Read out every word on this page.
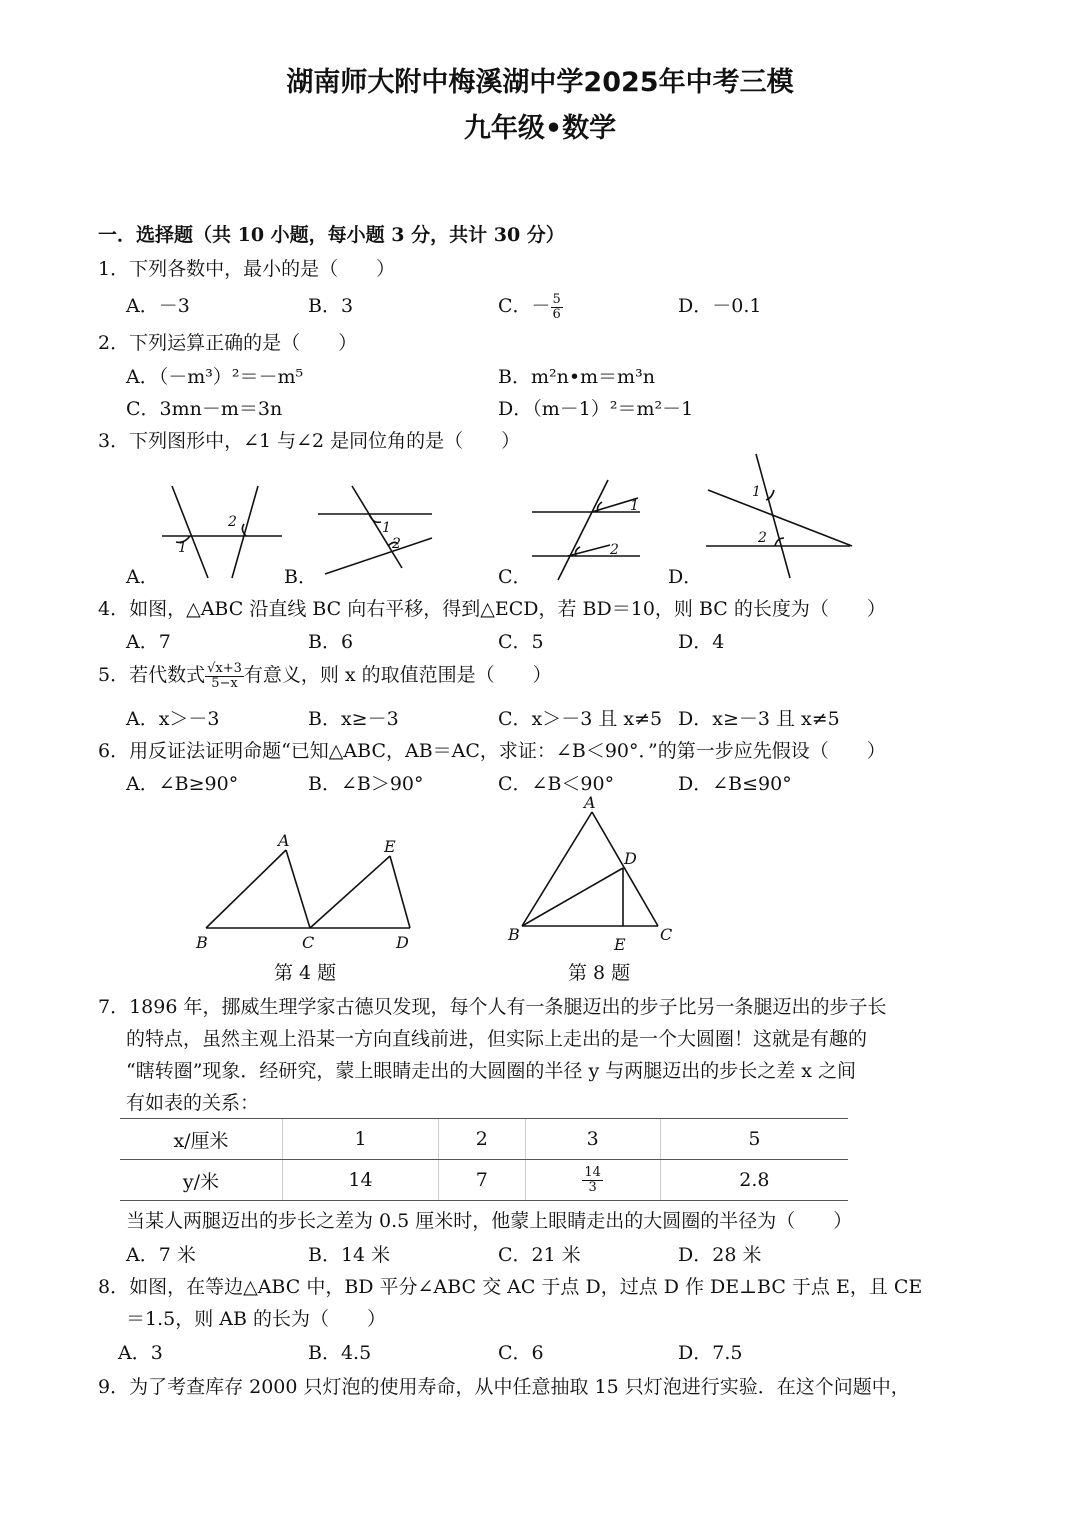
湖南师大附中梅溪湖中学2025年中考三模
九年级•数学
一．选择题（共 10 小题，每小题 3 分，共计 30 分）
1．下列各数中，最小的是（　　）
A．－3	B．3	C．－ $\frac{5}{6}$	D．－0.1
2．下列运算正确的是（　　）
A．（－m³）²＝－m⁵	B．m²n•m＝m³n
C．3mn－m＝3n	D．（m－1）²＝m²－1
3．下列图形中，∠1 与∠2 是同位角的是（　　）
1
2	1
2
1
2
1
2
A．	B．	C．	D．
4．如图，△ABC 沿直线 BC 向右平移，得到△ECD，若 BD＝10，则 BC 的长度为（　　）
A．7	B．6	C．5	D．4
5．若代数式 $\frac{√x+3}{5-x}$ 有意义，则 x 的取值范围是（　　）
A．x＞－3	B．x≥－3	C．x＞－3 且 x≠5 D．x≥－3 且 x≠5
6．用反证法证明命题“已知△ABC，AB＝AC，求证：∠B＜90°．”的第一步应先假设（　　）
A．∠B≥90°	B．∠B＞90°	C．∠B＜90°	D．∠B≤90°
A
B	C	D
E
A
B	C
D
E
第 4 题	第 8 题
7．1896 年，挪威生理学家古德贝发现，每个人有一条腿迈出的步子比另一条腿迈出的步子长
的特点，虽然主观上沿某一方向直线前进，但实际上走出的是一个大圆圈！这就是有趣的
“瞎转圈”现象．经研究，蒙上眼睛走出的大圆圈的半径 y 与两腿迈出的步长之差 x 之间
有如表的关系：
x/厘米	1	2	3	5
y/米	14	7	$\frac{14}{3}$	2.8
当某人两腿迈出的步长之差为 0.5 厘米时，他蒙上眼睛走出的大圆圈的半径为（　　）
A．7 米	B．14 米	C．21 米	D．28 米
8．如图，在等边△ABC 中，BD 平分∠ABC 交 AC 于点 D，过点 D 作 DE⊥BC 于点 E，且 CE
＝1.5，则 AB 的长为（　　）
A．3	B．4.5	C．6	D．7.5
9．为了考查库存 2000 只灯泡的使用寿命，从中任意抽取 15 只灯泡进行实验．在这个问题中，
